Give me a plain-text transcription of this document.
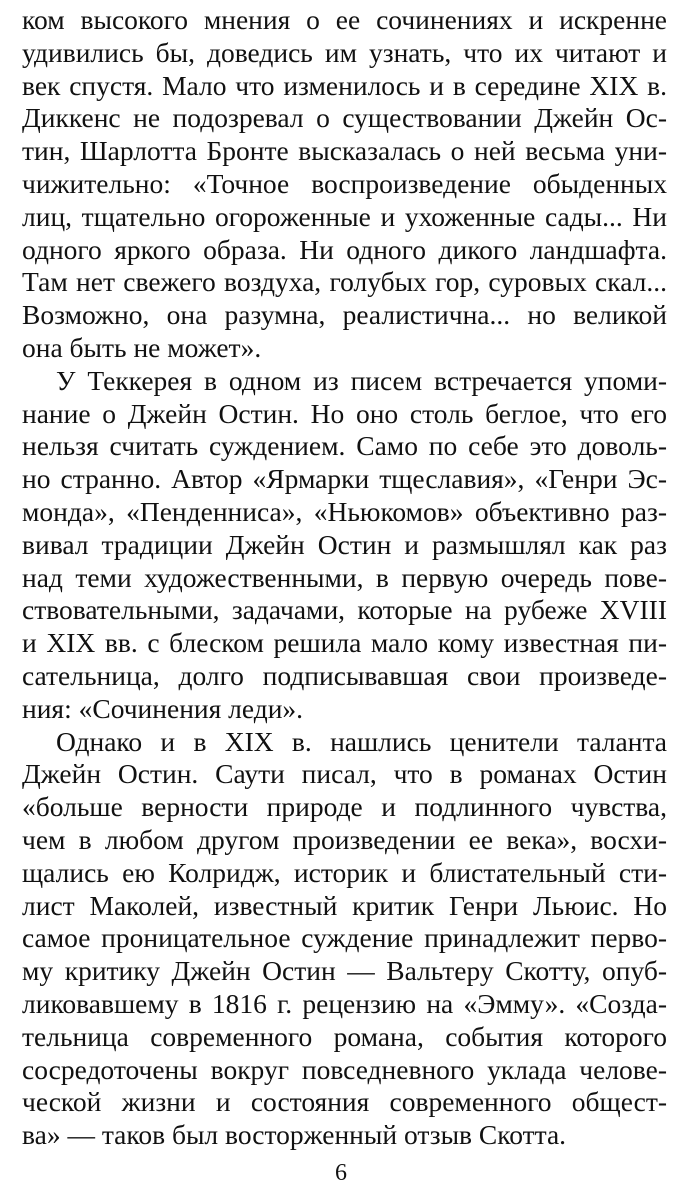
ком высокого мнения о ее сочинениях и искренне
удивились бы, доведись им узнать, что их читают и
век спустя. Мало что изменилось и в середине XIX в.
Диккенс не подозревал о существовании Джейн Ос-
тин, Шарлотта Бронте высказалась о ней весьма уни-
чижительно: «Точное воспроизведение обыденных
лиц, тщательно огороженные и ухоженные сады... Ни
одного яркого образа. Ни одного дикого ландшафта.
Там нет свежего воздуха, голубых гор, суровых скал...
Возможно, она разумна, реалистична... но великой
она быть не может».
У Теккерея в одном из писем встречается упоми-
нание о Джейн Остин. Но оно столь беглое, что его
нельзя считать суждением. Само по себе это доволь-
но странно. Автор «Ярмарки тщеславия», «Генри Эс-
монда», «Пенденниса», «Ньюкомов» объективно раз-
вивал традиции Джейн Остин и размышлял как раз
над теми художественными, в первую очередь пове-
ствовательными, задачами, которые на рубеже XVIII
и XIX вв. с блеском решила мало кому известная пи-
сательница, долго подписывавшая свои произведе-
ния: «Сочинения леди».
Однако и в XIX в. нашлись ценители таланта
Джейн Остин. Саути писал, что в романах Остин
«больше верности природе и подлинного чувства,
чем в любом другом произведении ее века», восхи-
щались ею Колридж, историк и блистательный сти-
лист Маколей, известный критик Генри Льюис. Но
самое проницательное суждение принадлежит перво-
му критику Джейн Остин — Вальтеру Скотту, опуб-
ликовавшему в 1816 г. рецензию на «Эмму». «Созда-
тельница современного романа, события которого
сосредоточены вокруг повседневного уклада челове-
ческой жизни и состояния современного общест-
ва» — таков был восторженный отзыв Скотта.
6
